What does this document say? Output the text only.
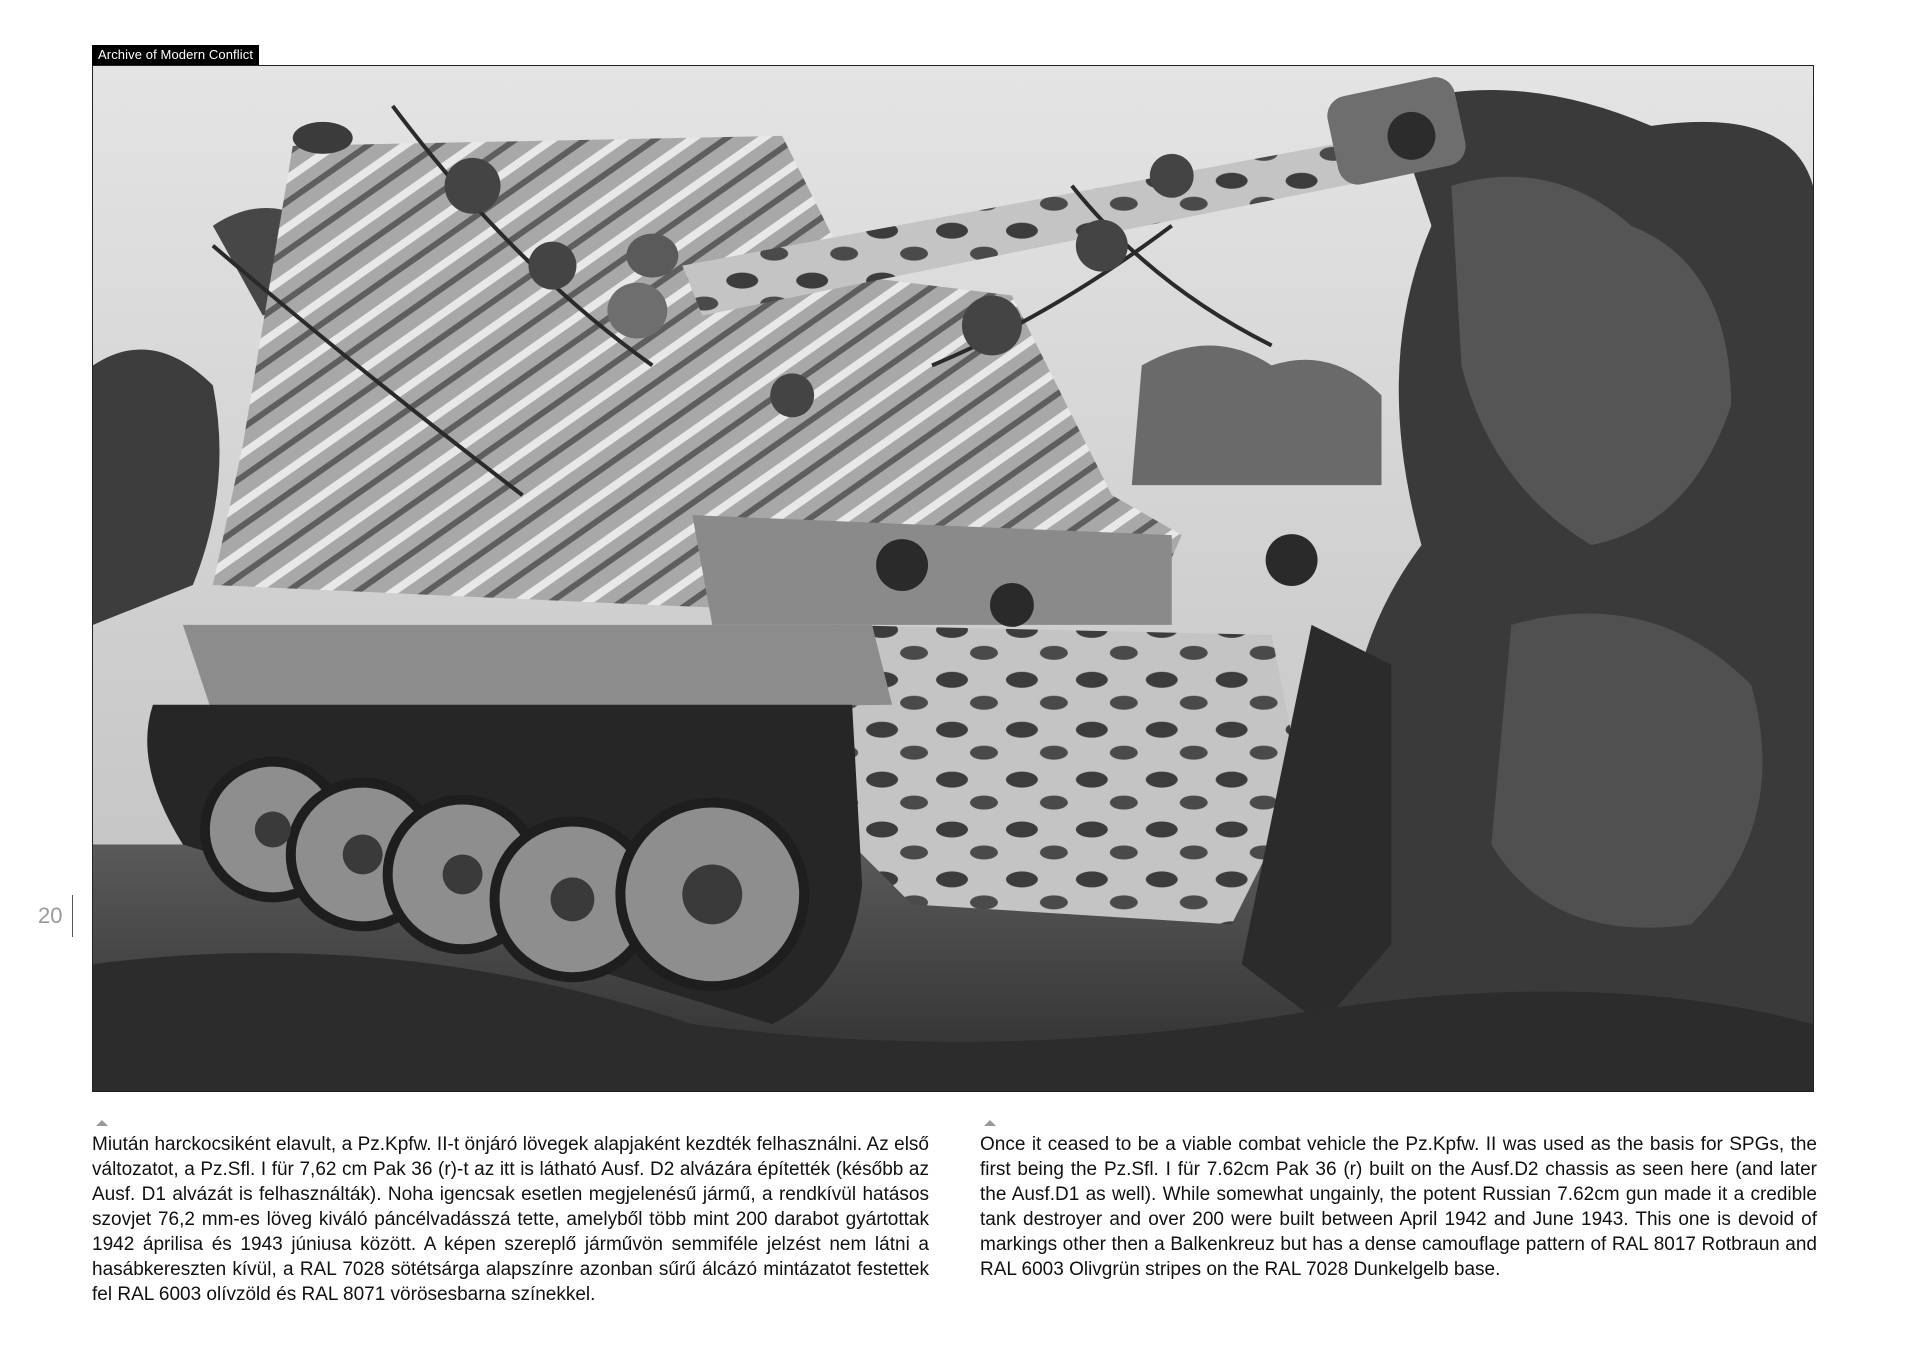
Archive of Modern Conflict
20
Miután harckocsiként elavult, a Pz.Kpfw. II-t önjáró lövegek alapjaként kezdték felhasználni. Az első változatot, a Pz.Sfl. I für 7,62 cm Pak 36 (r)-t az itt is látható Ausf. D2 alvázára építették (később az Ausf. D1 alvázát is felhasználták). Noha igencsak esetlen megjelenésű jármű, a rendkívül hatásos szovjet 76,2 mm-es löveg kiváló páncélvadásszá tette, amelyből több mint 200 darabot gyártottak 1942 áprilisa és 1943 júniusa között. A képen szereplő járművön semmiféle jelzést nem látni a hasábkereszten kívül, a RAL 7028 sötétsárga alapszínre azonban sűrű álcázó mintázatot festettek fel RAL 6003 olívzöld és RAL 8071 vörösesbarna színekkel.
Once it ceased to be a viable combat vehicle the Pz.Kpfw. II was used as the basis for SPGs, the first being the Pz.Sfl. I für 7.62cm Pak 36 (r) built on the Ausf.D2 chassis as seen here (and later the Ausf.D1 as well). While somewhat ungainly, the potent Russian 7.62cm gun made it a credible tank destroyer and over 200 were built between April 1942 and June 1943. This one is devoid of markings other then a Balkenkreuz but has a dense camouflage pattern of RAL 8017 Rotbraun and RAL 6003 Olivgrün stripes on the RAL 7028 Dunkelgelb base.
